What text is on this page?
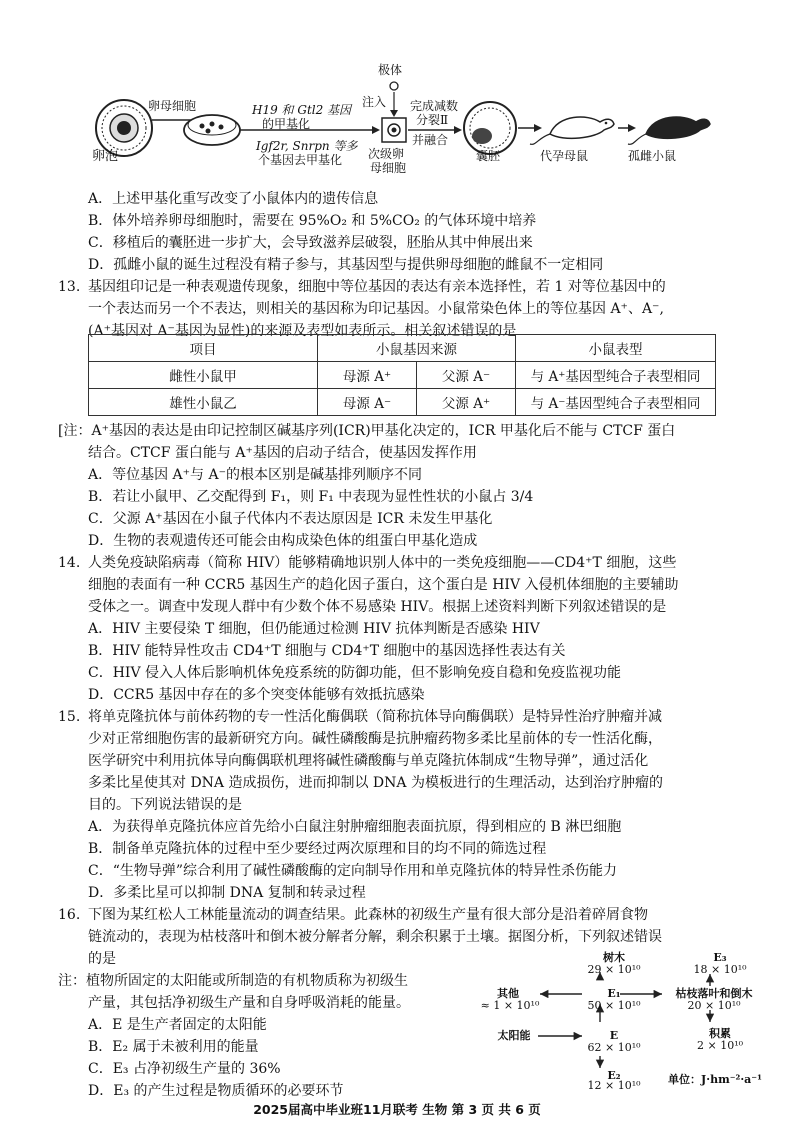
卵泡
卵母细胞	H19 和 Gtl2 基因
的甲基化
Igf2r, Snrpn 等多
个基因去甲基化 次级卵
母细胞
极体
注入 完成减数
分裂Ⅱ
并融合
囊胚	代孕母鼠	孤雌小鼠
A．上述甲基化重写改变了小鼠体内的遗传信息
B．体外培养卵母细胞时，需要在 95%O₂ 和 5%CO₂ 的气体环境中培养
C．移植后的囊胚进一步扩大，会导致滋养层破裂，胚胎从其中伸展出来
D．孤雌小鼠的诞生过程没有精子参与，其基因型与提供卵母细胞的雌鼠不一定相同
13. 基因组印记是一种表观遗传现象，细胞中等位基因的表达有亲本选择性，若 1 对等位基因中的
一个表达而另一个不表达，则相关的基因称为印记基因。小鼠常染色体上的等位基因 A⁺、A⁻,
(A⁺基因对 A⁻基因为显性)的来源及表型如表所示。相关叙述错误的是
项目	小鼠基因来源		小鼠表型
雌性小鼠甲	母源 A⁺	父源 A⁻	与 A⁺基因型纯合子表型相同
雄性小鼠乙	母源 A⁻	父源 A⁺	与 A⁻基因型纯合子表型相同
[注：A⁺基因的表达是由印记控制区碱基序列(ICR)甲基化决定的，ICR 甲基化后不能与 CTCF 蛋白
结合。CTCF 蛋白能与 A⁺基因的启动子结合，使基因发挥作用
A．等位基因 A⁺与 A⁻的根本区别是碱基排列顺序不同
B．若让小鼠甲、乙交配得到 F₁，则 F₁ 中表现为显性性状的小鼠占 3/4
C．父源 A⁺基因在小鼠子代体内不表达原因是 ICR 未发生甲基化
D．生物的表观遗传还可能会由构成染色体的组蛋白甲基化造成
14. 人类免疫缺陷病毒（简称 HIV）能够精确地识别人体中的一类免疫细胞——CD4⁺T 细胞，这些
细胞的表面有一种 CCR5 基因生产的趋化因子蛋白，这个蛋白是 HIV 入侵机体细胞的主要辅助
受体之一。调查中发现人群中有少数个体不易感染 HIV。根据上述资料判断下列叙述错误的是
A．HIV 主要侵染 T 细胞，但仍能通过检测 HIV 抗体判断是否感染 HIV
B．HIV 能特异性攻击 CD4⁺T 细胞与 CD4⁺T 细胞中的基因选择性表达有关
C．HIV 侵入人体后影响机体免疫系统的防御功能，但不影响免疫自稳和免疫监视功能
D．CCR5 基因中存在的多个突变体能够有效抵抗感染
15. 将单克隆抗体与前体药物的专一性活化酶偶联（简称抗体导向酶偶联）是特异性治疗肿瘤并减
少对正常细胞伤害的最新研究方向。碱性磷酸酶是抗肿瘤药物多柔比星前体的专一性活化酶，
医学研究中利用抗体导向酶偶联机理将碱性磷酸酶与单克隆抗体制成“生物导弹”，通过活化
多柔比星使其对 DNA 造成损伤，进而抑制以 DNA 为模板进行的生理活动，达到治疗肿瘤的
目的。下列说法错误的是
A．为获得单克隆抗体应首先给小白鼠注射肿瘤细胞表面抗原，得到相应的 B 淋巴细胞
B．制备单克隆抗体的过程中至少要经过两次原理和目的均不同的筛选过程
C．“生物导弹”综合利用了碱性磷酸酶的定向制导作用和单克隆抗体的特异性杀伤能力
D．多柔比星可以抑制 DNA 复制和转录过程
16. 下图为某红松人工林能量流动的调查结果。此森林的初级生产量有很大部分是沿着碎屑食物
链流动的，表现为枯枝落叶和倒木被分解者分解，剩余积累于土壤。据图分析，下列叙述错误
的是
注：植物所固定的太阳能或所制造的有机物质称为初级生
产量，其包括净初级生产量和自身呼吸消耗的能量。
A．E 是生产者固定的太阳能
B．E₂ 属于未被利用的能量
C．E₃ 占净初级生产量的 36%
D．E₃ 的产生过程是物质循环的必要环节
树木
29 × 10¹⁰
E₃
18 × 10¹⁰
其他
≈ 1 × 10¹⁰
E₁
50 × 10¹⁰
枯枝落叶和倒木
20 × 10¹⁰
积累
2 × 10¹⁰
太阳能	E
62 × 10¹⁰
E₂
12 × 10¹⁰	单位：J·hm⁻²·a⁻¹
2025届高中毕业班11月联考 生物 第 3 页 共 6 页
